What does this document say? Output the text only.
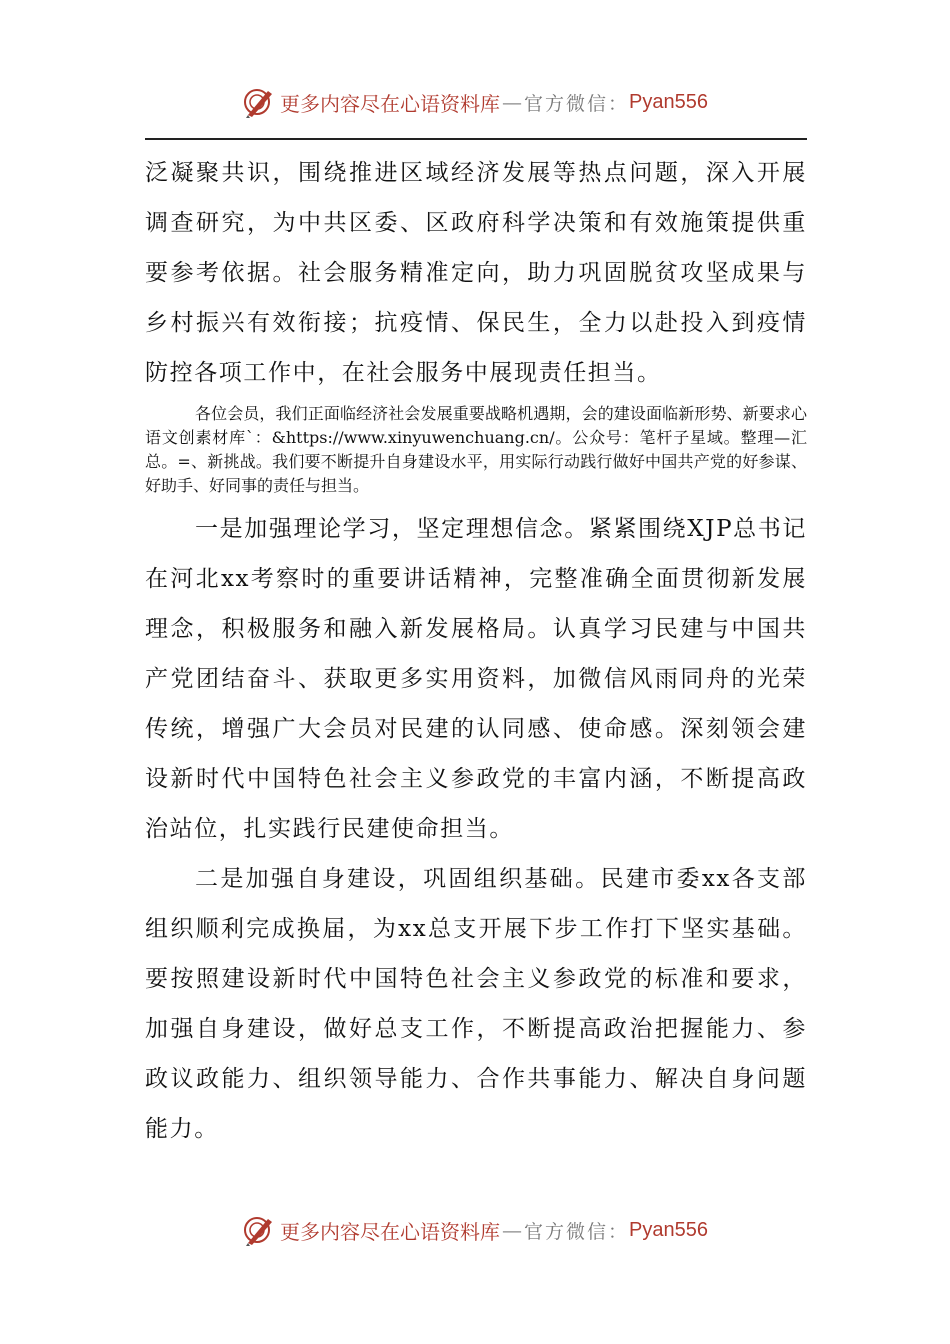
更多内容尽在心语资料库 — 官方微信： Pyan556

泛凝聚共识，围绕推进区域经济发展等热点问题，深入开展调查研究，为中共区委、区政府科学决策和有效施策提供重要参考依据。社会服务精准定向，助力巩固脱贫攻坚成果与乡村振兴有效衔接；抗疫情、保民生，全力以赴投入到疫情防控各项工作中，在社会服务中展现责任担当。

各位会员，我们正面临经济社会发展重要战略机遇期，会的建设面临新形势、新要求心语文创素材库`：&https://www.xinyuwenchuang.cn/。公众号：笔杆子星域。整理—汇总。=、新挑战。我们要不断提升自身建设水平，用实际行动践行做好中国共产党的好参谋、好助手、好同事的责任与担当。

一是加强理论学习，坚定理想信念。紧紧围绕XJP总书记在河北xx考察时的重要讲话精神，完整准确全面贯彻新发展理念，积极服务和融入新发展格局。认真学习民建与中国共产党团结奋斗、获取更多实用资料，加微信风雨同舟的光荣传统，增强广大会员对民建的认同感、使命感。深刻领会建设新时代中国特色社会主义参政党的丰富内涵，不断提高政治站位，扎实践行民建使命担当。

二是加强自身建设，巩固组织基础。民建市委xx各支部组织顺利完成换届，为xx总支开展下步工作打下坚实基础。要按照建设新时代中国特色社会主义参政党的标准和要求，加强自身建设，做好总支工作，不断提高政治把握能力、参政议政能力、组织领导能力、合作共事能力、解决自身问题能力。

更多内容尽在心语资料库 — 官方微信： Pyan556
